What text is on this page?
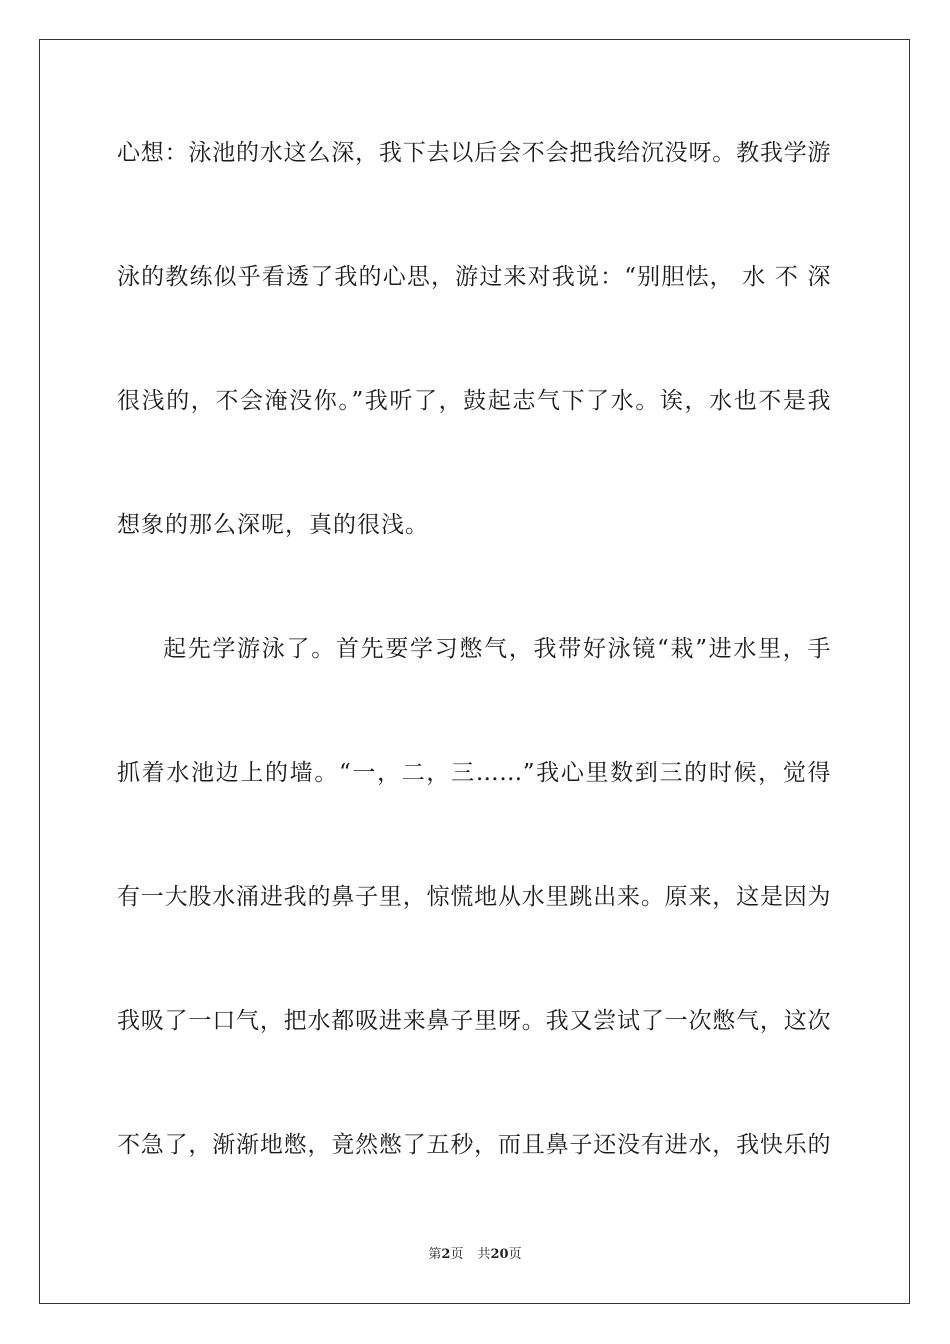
心想：泳池的水这么深，我下去以后会不会把我给沉没呀。教我学游
泳的教练似乎看透了我的心思，游过来对我说：“别胆怯， 水 不 深
很浅的，不会淹没你。”我听了，鼓起志气下了水。诶，水也不是我
想象的那么深呢，真的很浅。
起先学游泳了。首先要学习憋气，我带好泳镜“栽”进水里，手
抓着水池边上的墙。“一，二，三……”我心里数到三的时候，觉得
有一大股水涌进我的鼻子里，惊慌地从水里跳出来。原来，这是因为
我吸了一口气，把水都吸进来鼻子里呀。我又尝试了一次憋气，这次
不急了，渐渐地憋，竟然憋了五秒，而且鼻子还没有进水，我快乐的
第2页 共20页
